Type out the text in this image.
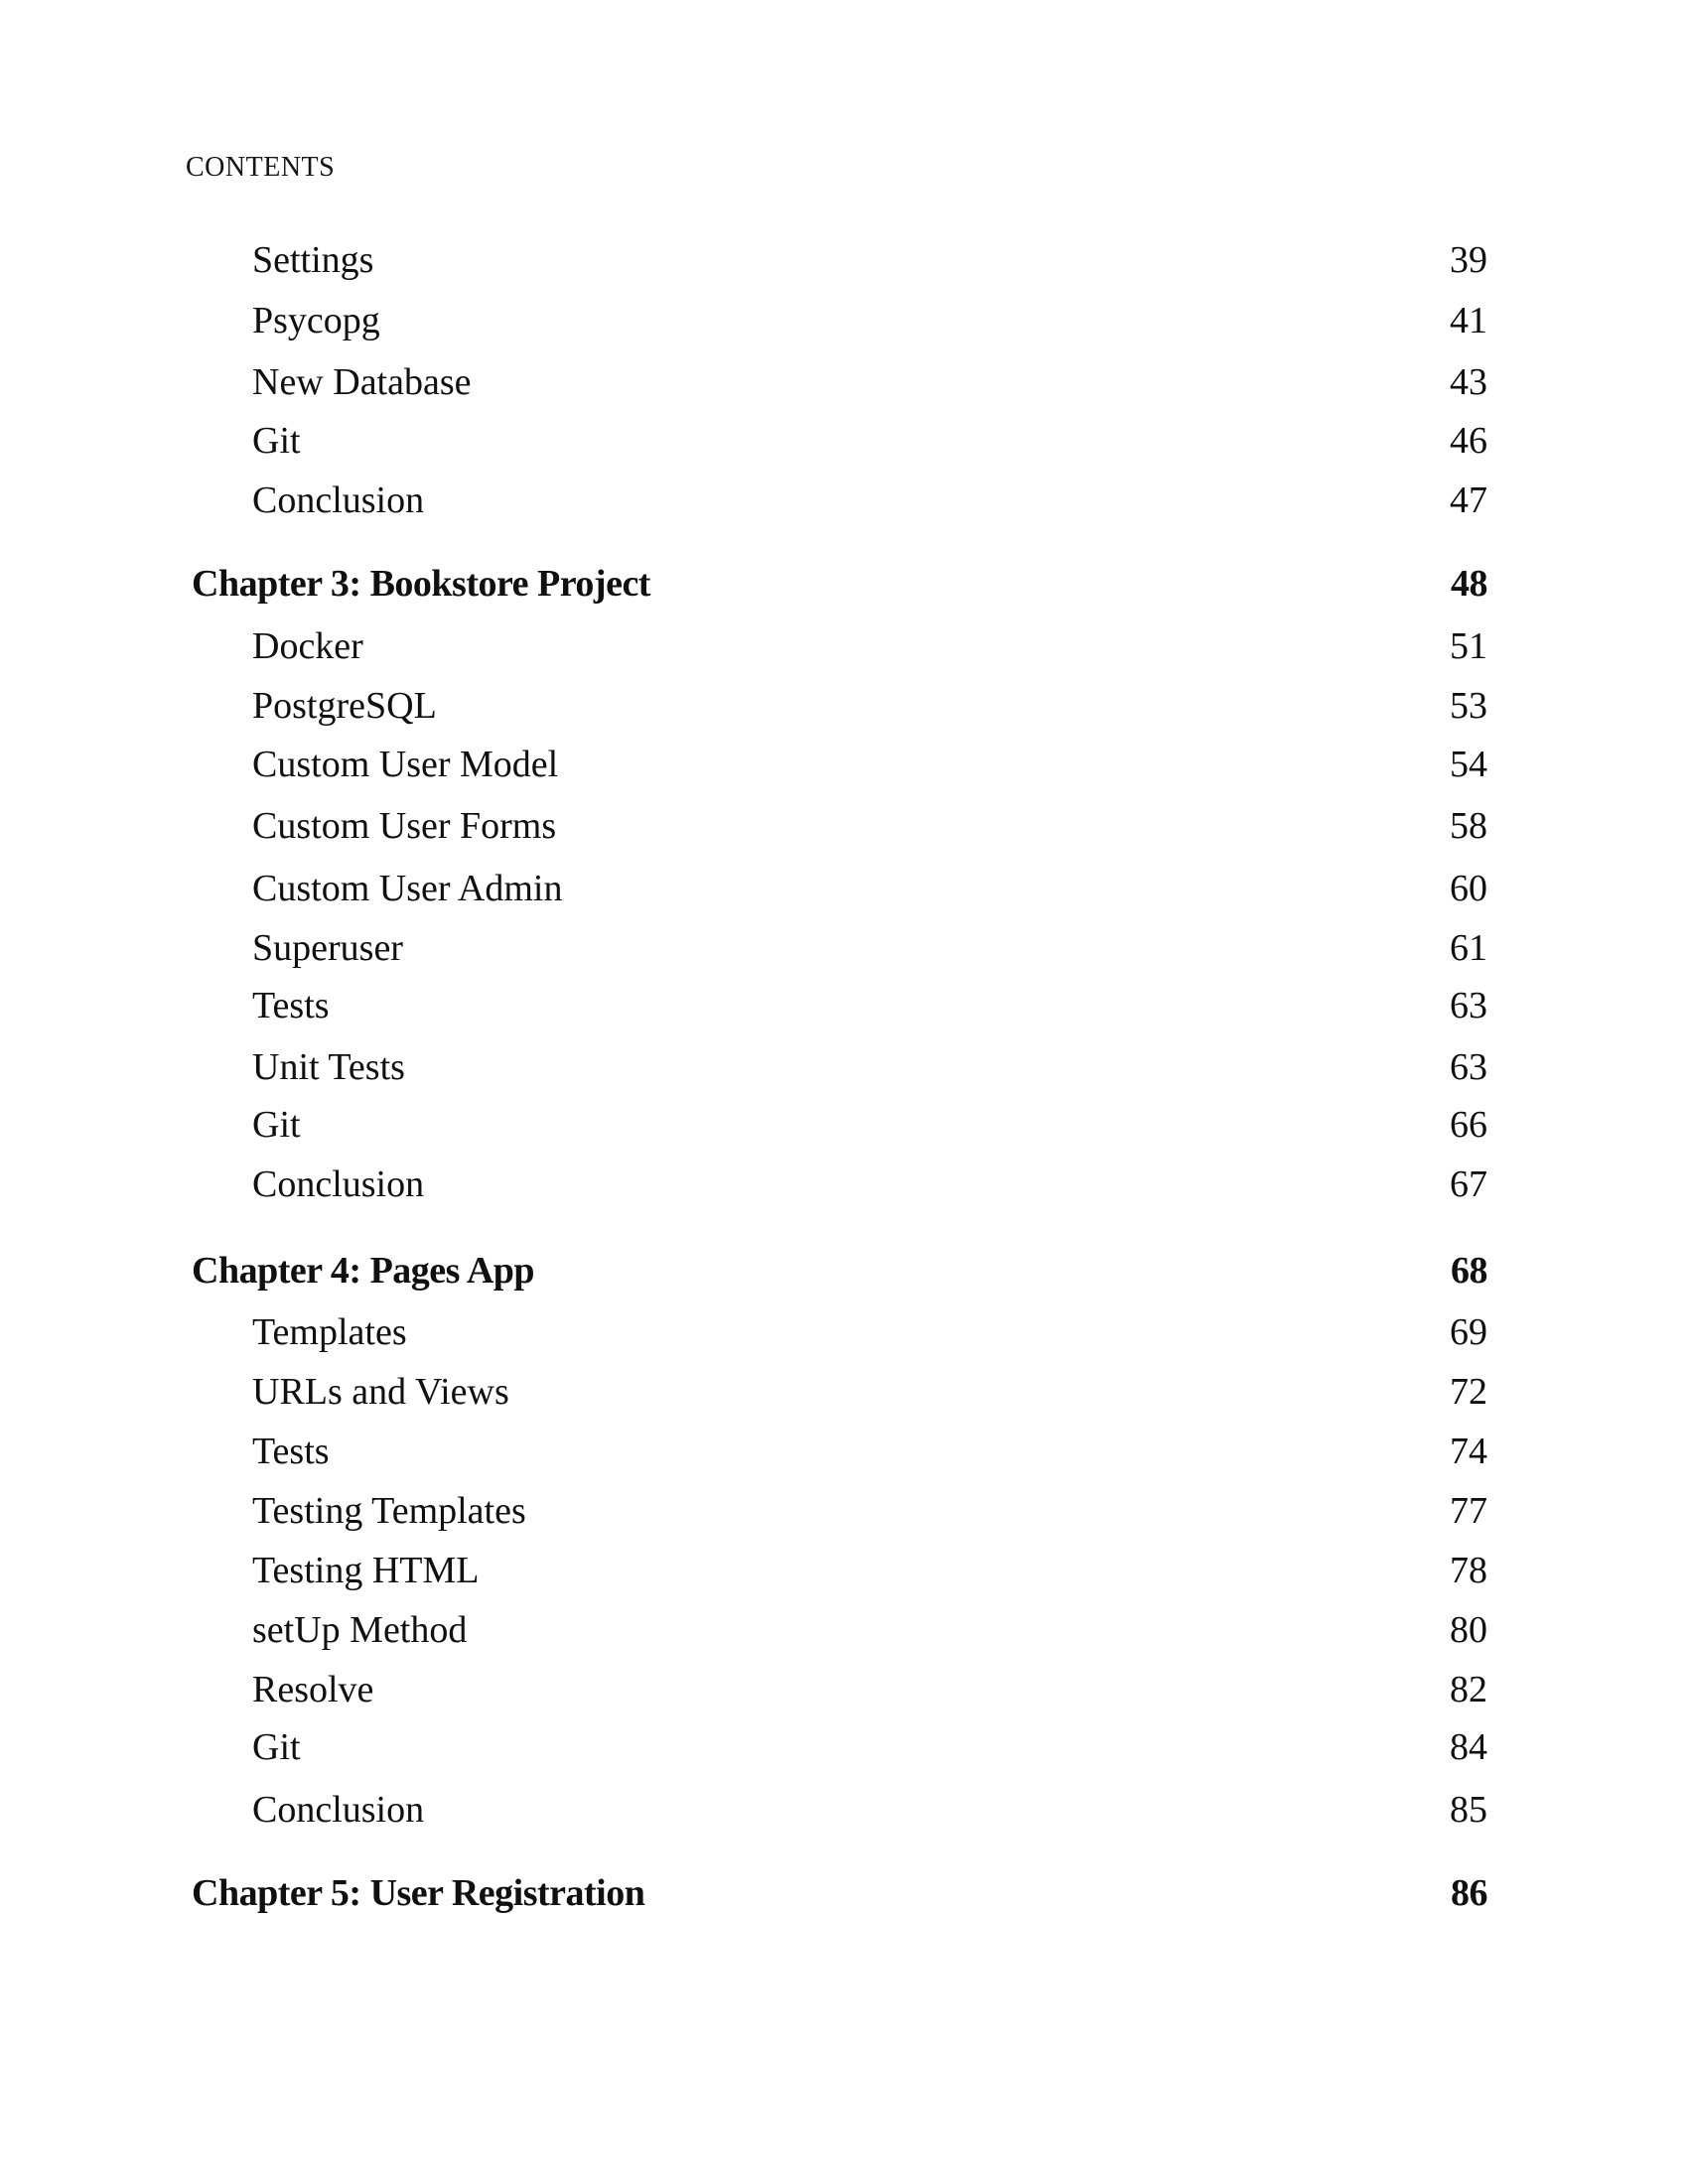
CONTENTS
Settings	39
Psycopg	41
New Database	43
Git	46
Conclusion	47
Chapter 3: Bookstore Project	48
Docker	51
PostgreSQL	53
Custom User Model	54
Custom User Forms	58
Custom User Admin	60
Superuser	61
Tests	63
Unit Tests	63
Git	66
Conclusion	67
Chapter 4: Pages App	68
Templates	69
URLs and Views	72
Tests	74
Testing Templates	77
Testing HTML	78
setUp Method	80
Resolve	82
Git	84
Conclusion	85
Chapter 5: User Registration	86
